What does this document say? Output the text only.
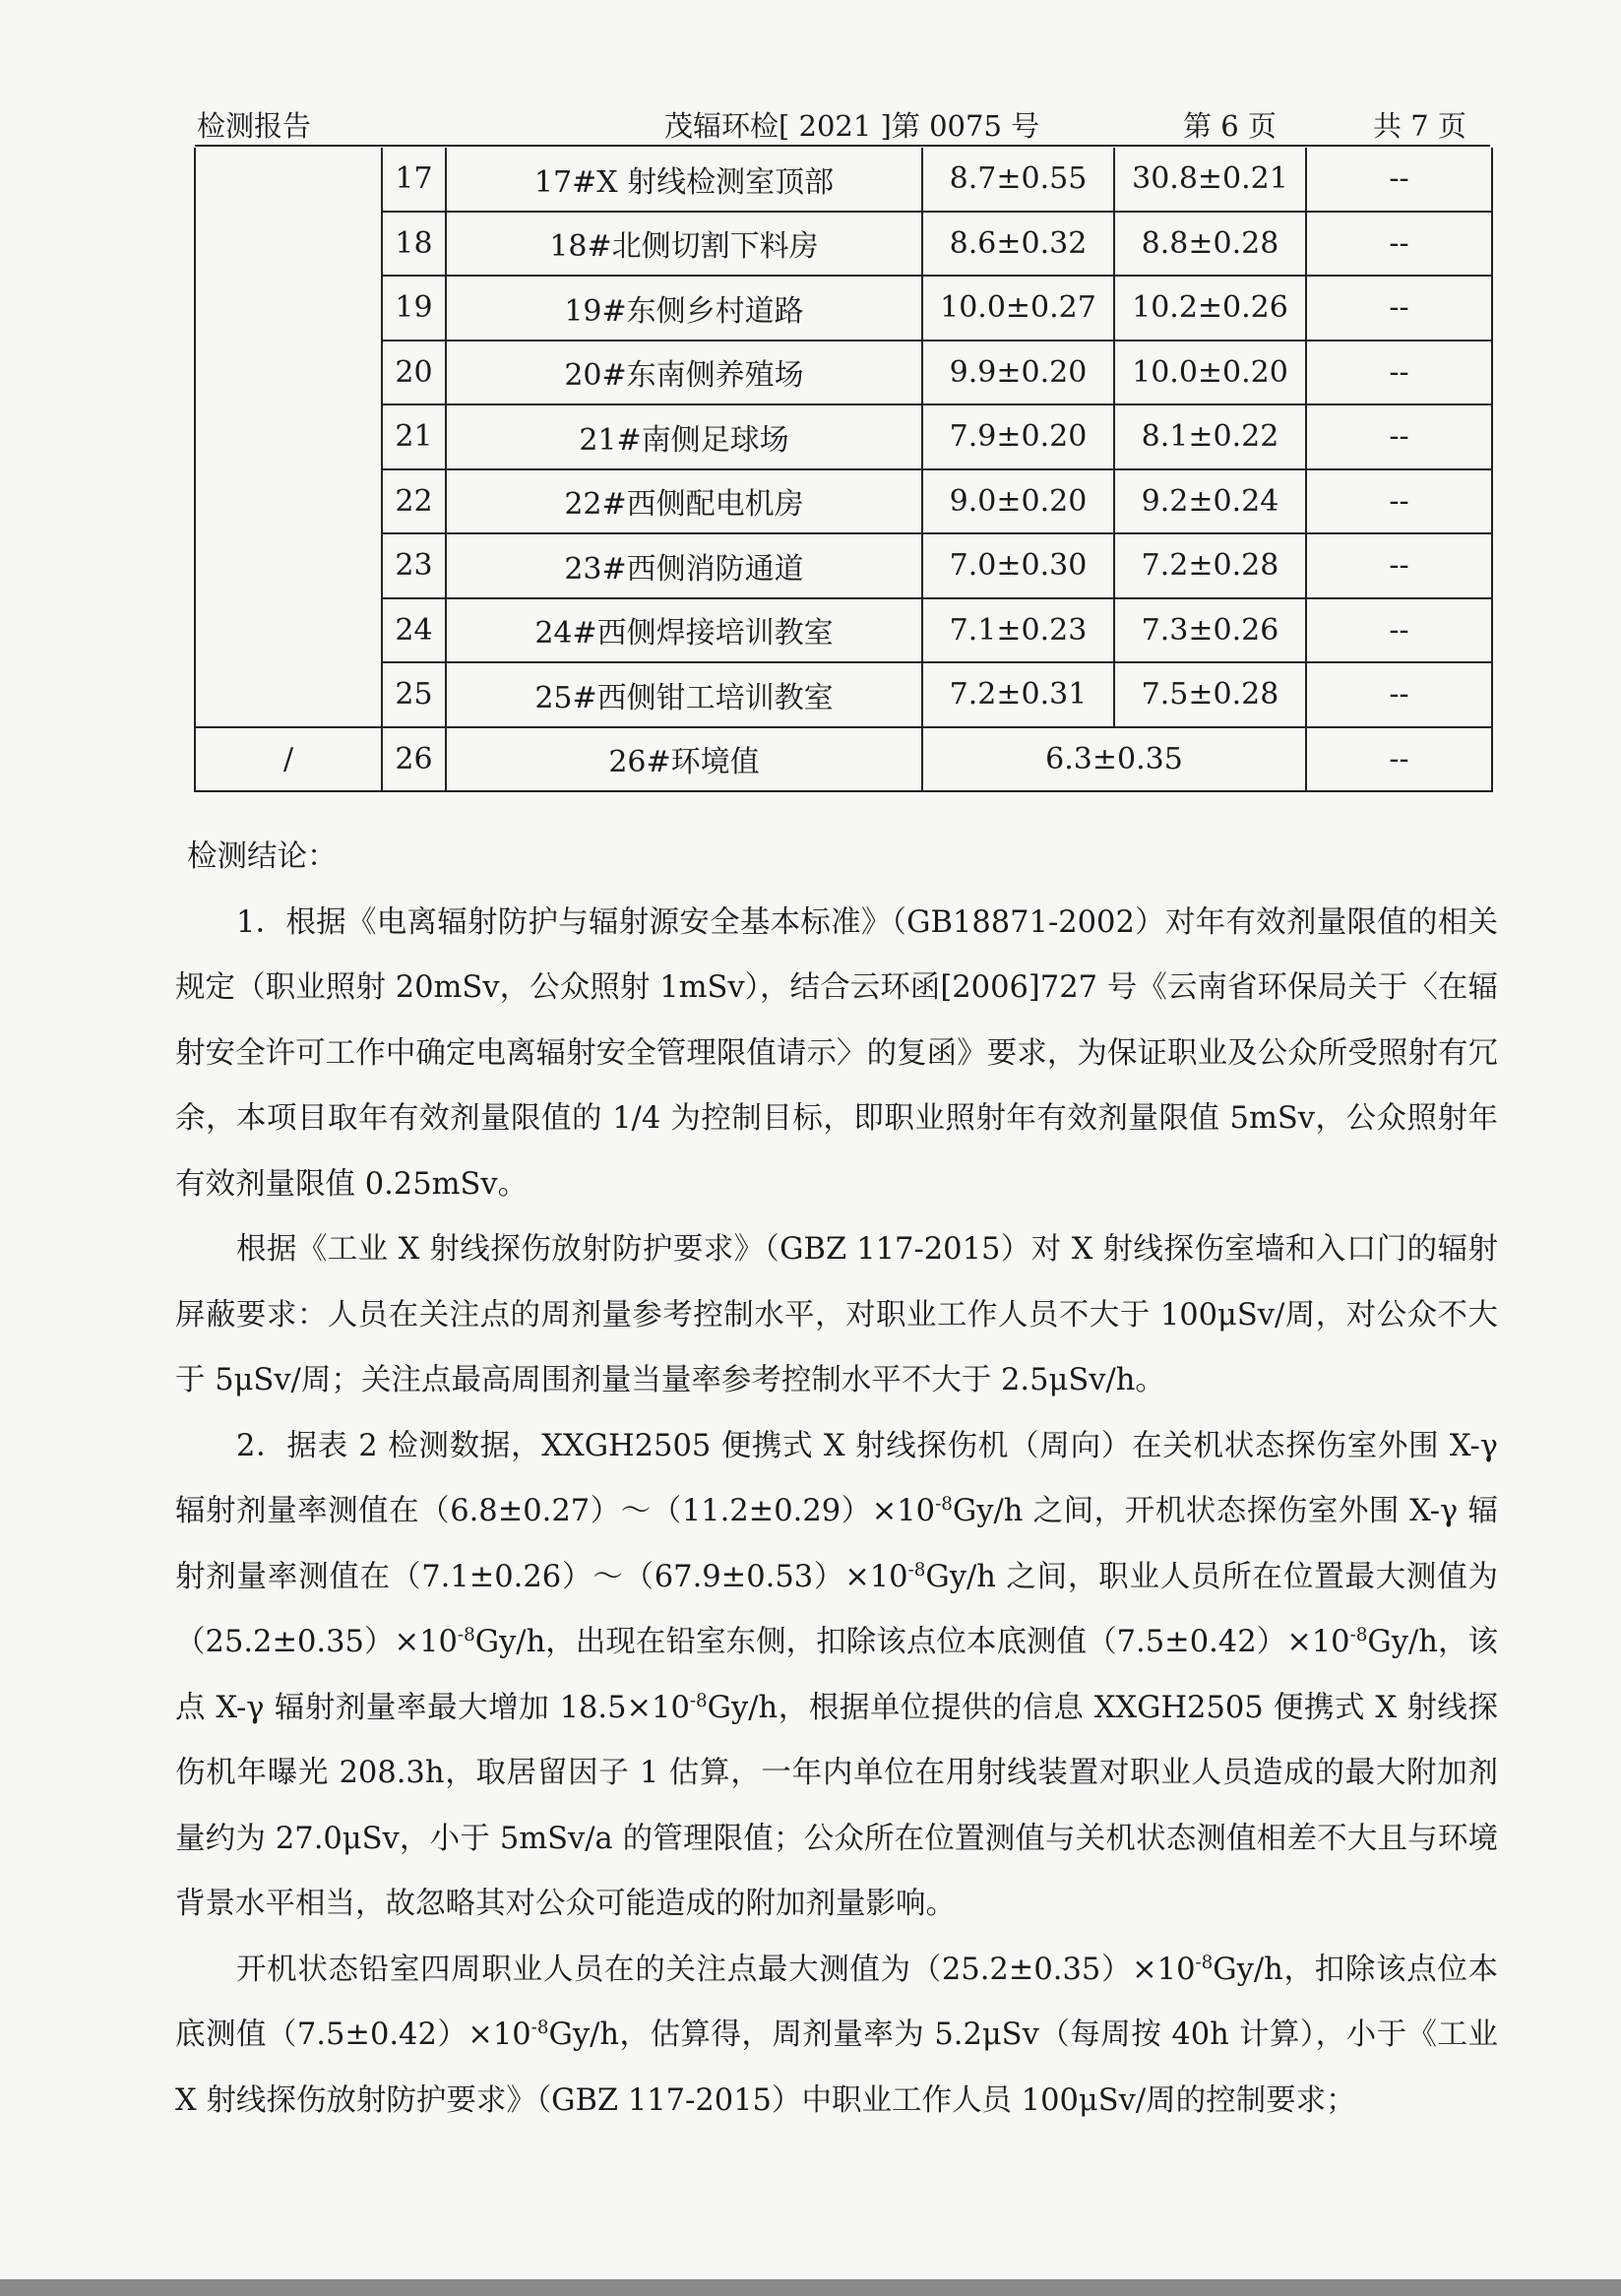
检测报告	茂辐环检[ 2021 ]第 0075 号	第 6 页	共 7 页
	17	17#X 射线检测室顶部	8.7±0.55	30.8±0.21	--
	18	18#北侧切割下料房	8.6±0.32	8.8±0.28	--
	19	19#东侧乡村道路	10.0±0.27	10.2±0.26	--
	20	20#东南侧养殖场	9.9±0.20	10.0±0.20	--
	21	21#南侧足球场	7.9±0.20	8.1±0.22	--
	22	22#西侧配电机房	9.0±0.20	9.2±0.24	--
	23	23#西侧消防通道	7.0±0.30	7.2±0.28	--
	24	24#西侧焊接培训教室	7.1±0.23	7.3±0.26	--
	25	25#西侧钳工培训教室	7.2±0.31	7.5±0.28	--
/	26	26#环境值	6.3±0.35		--

检测结论：

1．根据《电离辐射防护与辐射源安全基本标准》（GB18871-2002）对年有效剂量限值的相关规定（职业照射 20mSv，公众照射 1mSv），结合云环函[2006]727 号《云南省环保局关于〈在辐射安全许可工作中确定电离辐射安全管理限值请示〉的复函》要求，为保证职业及公众所受照射有冗余，本项目取年有效剂量限值的 1/4 为控制目标，即职业照射年有效剂量限值 5mSv，公众照射年有效剂量限值 0.25mSv。

根据《工业 X 射线探伤放射防护要求》（GBZ 117-2015）对 X 射线探伤室墙和入口门的辐射屏蔽要求：人员在关注点的周剂量参考控制水平，对职业工作人员不大于 100μSv/周，对公众不大于 5μSv/周；关注点最高周围剂量当量率参考控制水平不大于 2.5μSv/h。

2．据表 2 检测数据，XXGH2505 便携式 X 射线探伤机（周向）在关机状态探伤室外围 X-γ 辐射剂量率测值在$(6.8\pm 0.27)\sim(11.2\pm 0.29)\times 10^{-8}Gy/h$ 之间，开机状态探伤室外围 X-γ 辐射剂量率测值在$(7.1\pm 0.26)\sim(67.9\pm 0.53)\times 10^{-8}Gy/h$ 之间，职业人员所在位置最大测值为$(25.2\pm 0.35)\times 10^{-8}Gy/h$，出现在铅室东侧，扣除该点位本底测值$(7.5\pm 0.42)\times 10^{-8}Gy/h$，该点 X-γ 辐射剂量率最大增加 $18.5\times 10^{-8}Gy/h$，根据单位提供的信息 XXGH2505 便携式 X 射线探伤机年曝光 208.3h，取居留因子 1 估算，一年内单位在用射线装置对职业人员造成的最大附加剂量约为 27.0μSv，小于 5mSv/a 的管理限值；公众所在位置测值与关机状态测值相差不大且与环境背景水平相当，故忽略其对公众可能造成的附加剂量影响。

开机状态铅室四周职业人员在的关注点最大测值为$(25.2\pm 0.35)\times 10^{-8}Gy/h$，扣除该点位本底测值$(7.5\pm 0.42)\times 10^{-8}Gy/h$，估算得，周剂量率为 5.2μSv（每周按 40h 计算），小于《工业 X 射线探伤放射防护要求》（GBZ 117-2015）中职业工作人员 100μSv/周的控制要求；
